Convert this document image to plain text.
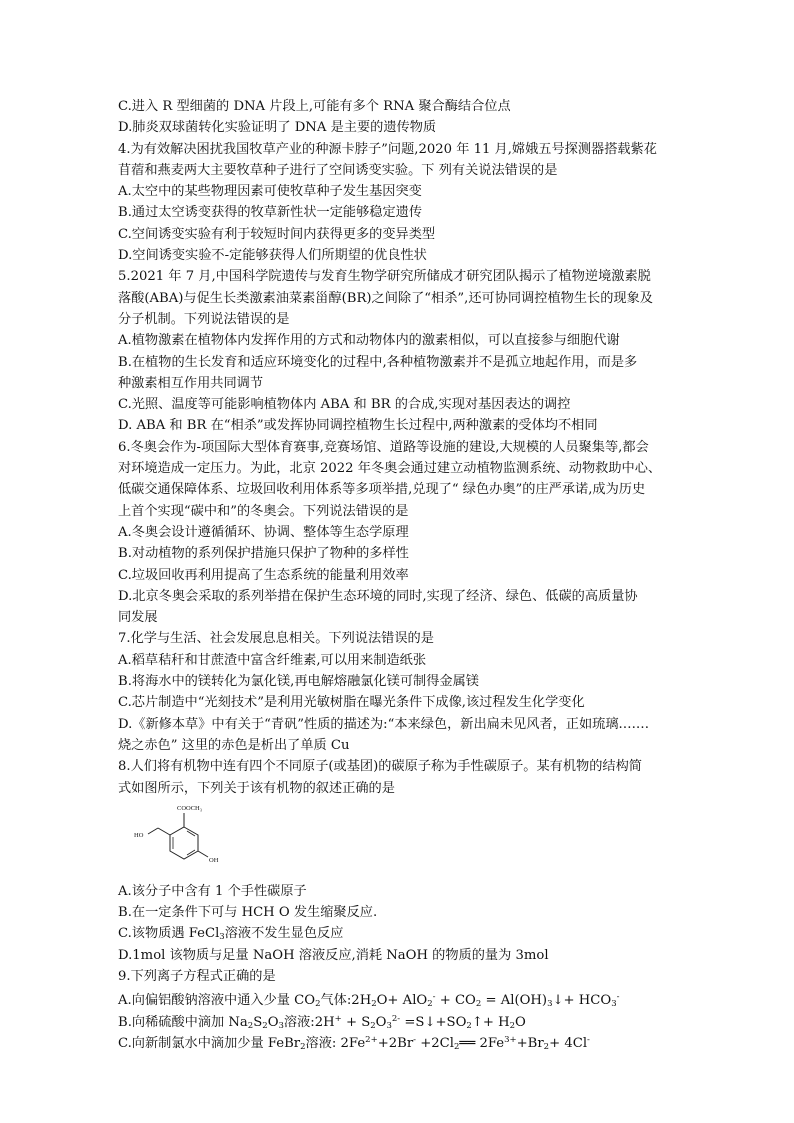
C.进入 R 型细菌的 DNA 片段上,可能有多个 RNA 聚合酶结合位点
D.肺炎双球菌转化实验证明了 DNA 是主要的遗传物质
4.为有效解决困扰我国牧草产业的种源卡脖子”问题,2020 年 11 月,嫦娥五号探测器搭载紫花
苜蓿和燕麦两大主要牧草种子进行了空间诱变实验。下 列有关说法错误的是
A.太空中的某些物理因素可使牧草种子发生基因突变
B.通过太空诱变获得的牧草新性状一定能够稳定遗传
C.空间诱变实验有利于较短时间内获得更多的变异类型
D.空间诱变实验不-定能够获得人们所期望的优良性状
5.2021 年 7 月,中国科学院遗传与发育生物学研究所储成才研究团队揭示了植物逆境激素脱
落酸(ABA)与促生长类激素油菜素甾醇(BR)之间除了“相杀”,还可协同调控植物生长的现象及
分子机制。下列说法错误的是
A.植物激素在植物体内发挥作用的方式和动物体内的激素相似，可以直接参与细胞代谢
B.在植物的生长发育和适应环境变化的过程中,各种植物激素并不是孤立地起作用，而是多
种激素相互作用共同调节
C.光照、温度等可能影响植物体内 ABA 和 BR 的合成,实现对基因表达的调控
D. ABA 和 BR 在“相杀”或发挥协同调控植物生长过程中,两种激素的受体均不相同
6.冬奥会作为-项国际大型体育赛事,竞赛场馆、道路等设施的建设,大规模的人员聚集等,都会
对环境造成一定压力。为此，北京 2022 年冬奥会通过建立动植物监测系统、动物救助中心、
低碳交通保障体系、垃圾回收利用体系等多项举措,兑现了“ 绿色办奥”的庄严承诺,成为历史
上首个实现“碳中和”的冬奥会。下列说法错误的是
A.冬奥会设计遵循循环、协调、整体等生态学原理
B.对动植物的系列保护措施只保护了物种的多样性
C.垃圾回收再利用提高了生态系统的能量利用效率
D.北京冬奥会采取的系列举措在保护生态环境的同时,实现了经济、绿色、低碳的高质量协
同发展
7.化学与生活、社会发展息息相关。下列说法错误的是
A.稻草秸秆和甘蔗渣中富含纤维素,可以用来制造纸张
B.将海水中的镁转化为氯化镁,再电解熔融氯化镁可制得金属镁
C.芯片制造中“光刻技术”是利用光敏树脂在曝光条件下成像,该过程发生化学变化
D.《新修本草》中有关于“青矾”性质的描述为:“本来绿色，新出扁未见风者，正如琉璃.……
烧之赤色” 这里的赤色是析出了单质 Cu
8.人们将有机物中连有四个不同原子(或基团)的碳原子称为手性碳原子。某有机物的结构简
式如图所示，下列关于该有机物的叙述正确的是
COOCH₃
HO
OH
A.该分子中含有 1 个手性碳原子
B.在一定条件下可与 HCH O 发生缩聚反应.
C.该物质遇 FeCl$_3$溶液不发生显色反应
D.1mol 该物质与足量 NaOH 溶液反应,消耗 NaOH 的物质的量为 3mol
9.下列离子方程式正确的是
A.向偏铝酸钠溶液中通入少量 $CO_2$气体$:2H_2O+ AlO_2^- + CO_2$ = $Al(OH)_3↓+ HCO_3^-$
B.向稀硫酸中滴加 $Na_2S_2O_3$溶液:2H+ + $S_2O_3^{2-}$ $=S↓+SO_2↑+ H_2O$
C.向新制氯水中滴加少量 FeBr$_2$溶液: $2Fe^{2+}+2Br^-$ $+2Cl_2══$ $2Fe^{3+}+Br_2+ 4Cl^-$
